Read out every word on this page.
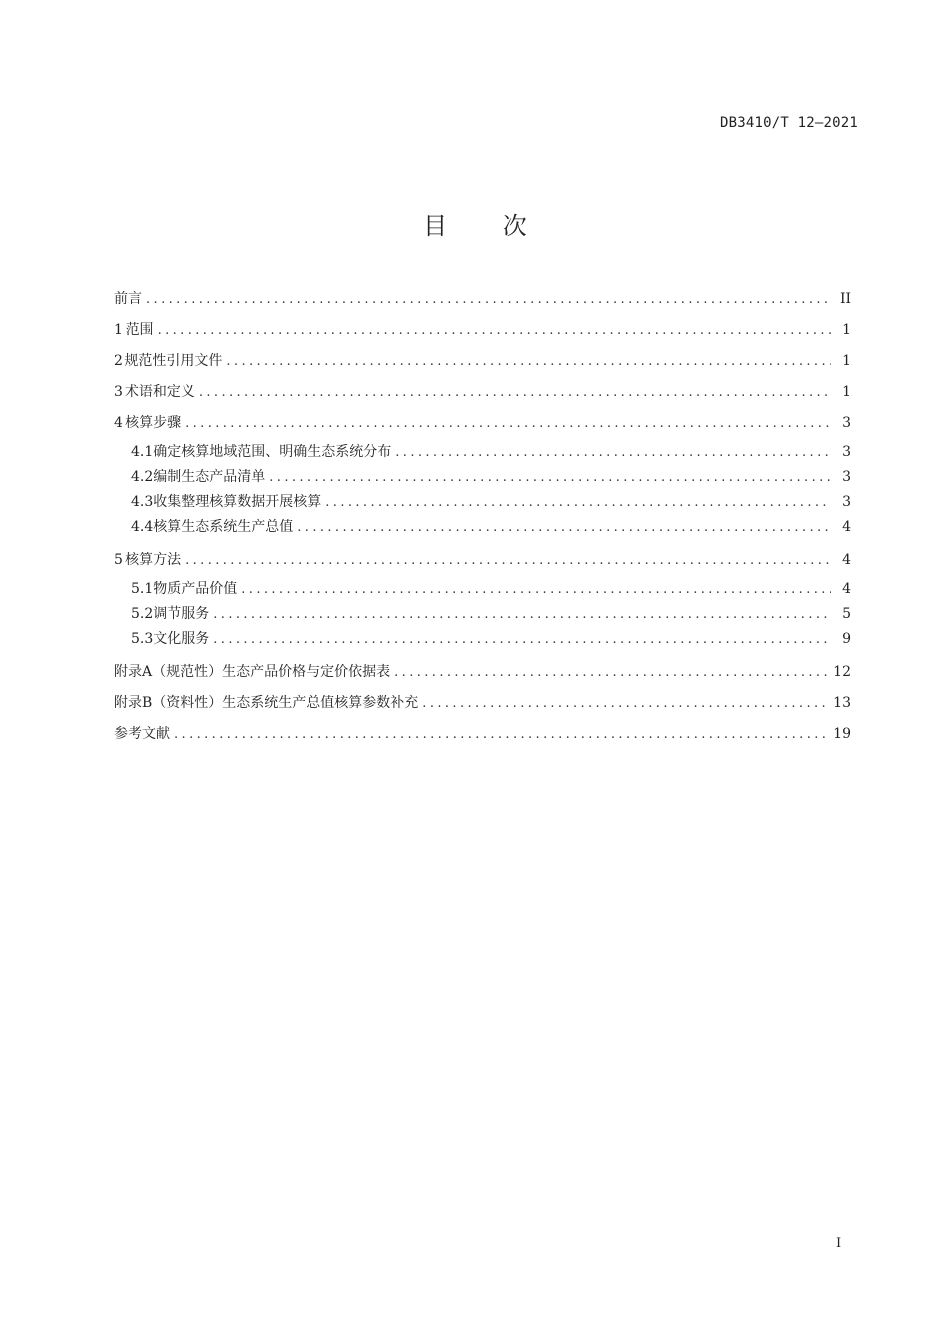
DB3410/T 12—2021
目 次
前言 .....	II
1 范围 .....	1
2 规范性引用文件 .....	1
3 术语和定义 .....	1
4 核算步骤 .....	3
4.1 确定核算地域范围、明确生态系统分布 .....	3
4.2 编制生态产品清单 .....	3
4.3 收集整理核算数据开展核算 .....	3
4.4 核算生态系统生产总值 .....	4
5 核算方法 .....	4
5.1 物质产品价值 .....	4
5.2 调节服务 .....	5
5.3 文化服务 .....	9
附录A （规范性） 生态产品价格与定价依据表 .....	12
附录B （资料性） 生态系统生产总值核算参数补充 .....	13
参考文献 .....	19
I
